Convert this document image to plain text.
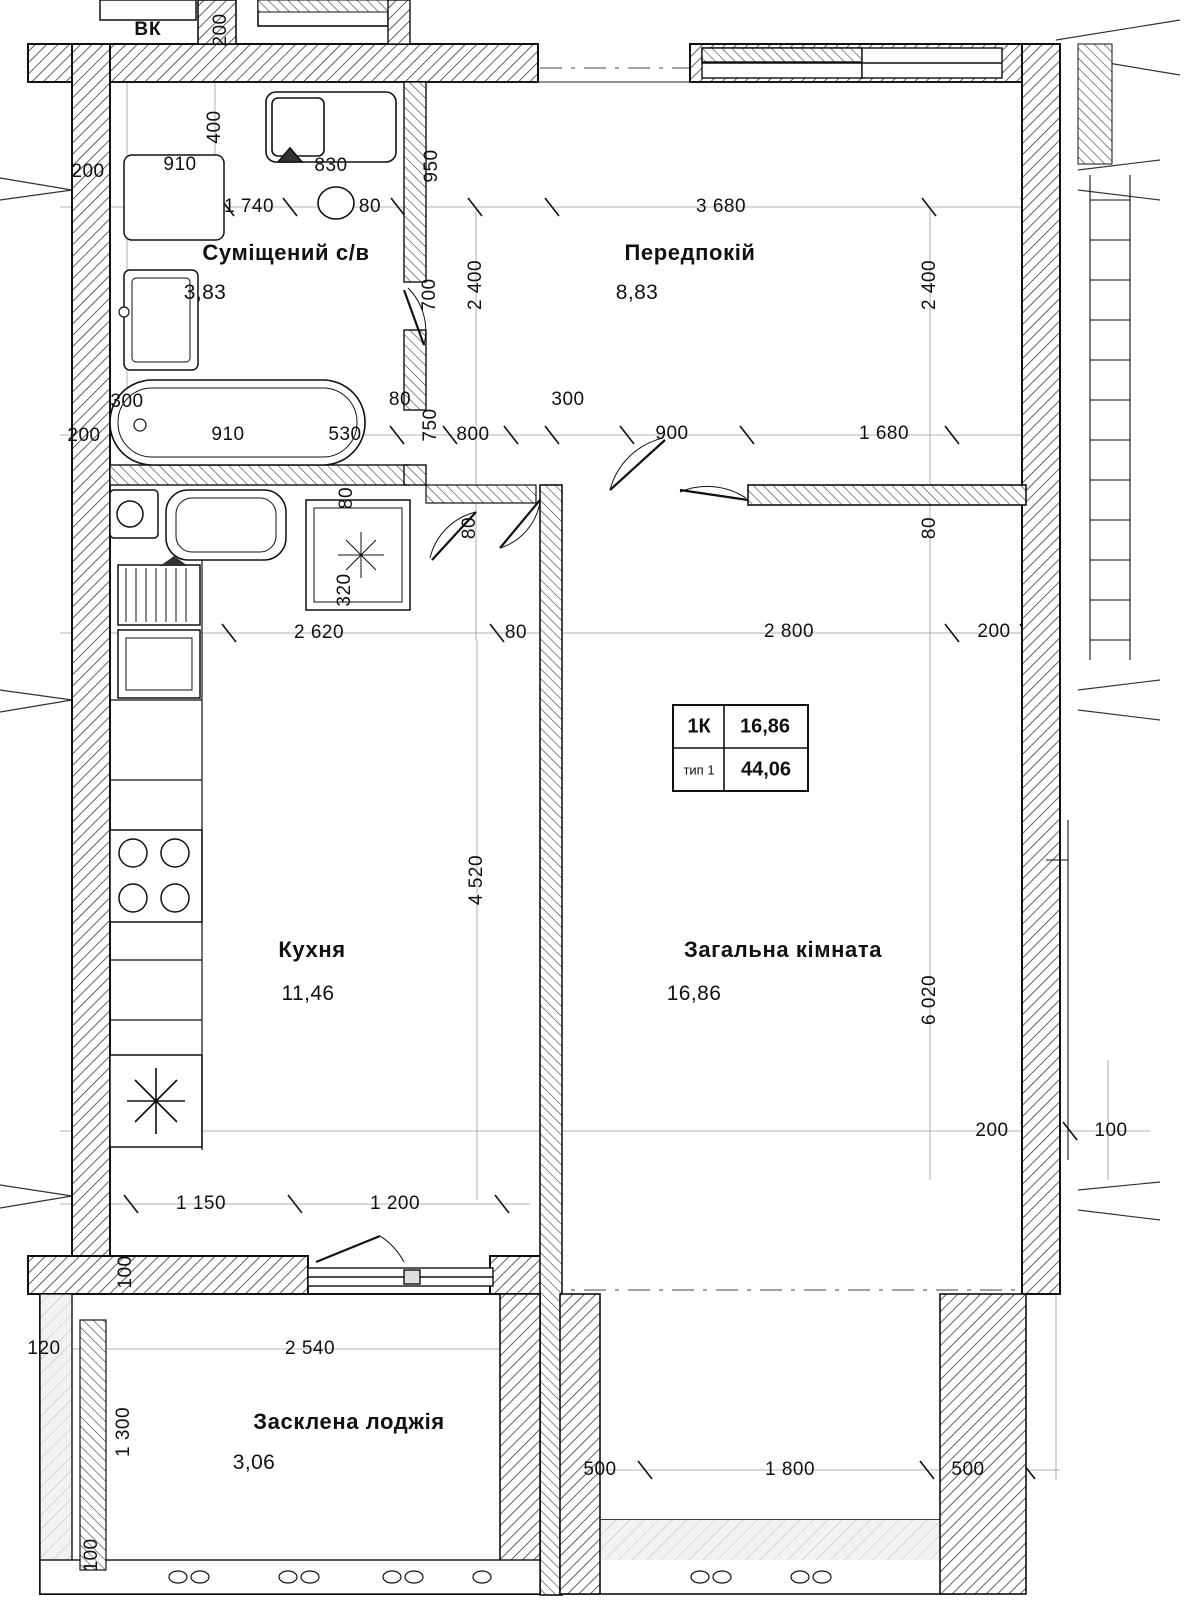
ВК
Суміщений с/в
3,83
Передпокій
8,83
Кухня
11,46
Загальна кімната
16,86
Засклена лоджія
3,06
1К 16,86
тип 1 44,06
400
910	830	950
3 680
200
1 740	80
2 400
700	2 400
300
200	910	530
80
750 800
300
900	1 680
80
80	80
320
2 620	80	2 800	200
4 520
6 020
200	100
1 150	1 200
100
2 540
120
1 300
500	1 800	500
100
200
